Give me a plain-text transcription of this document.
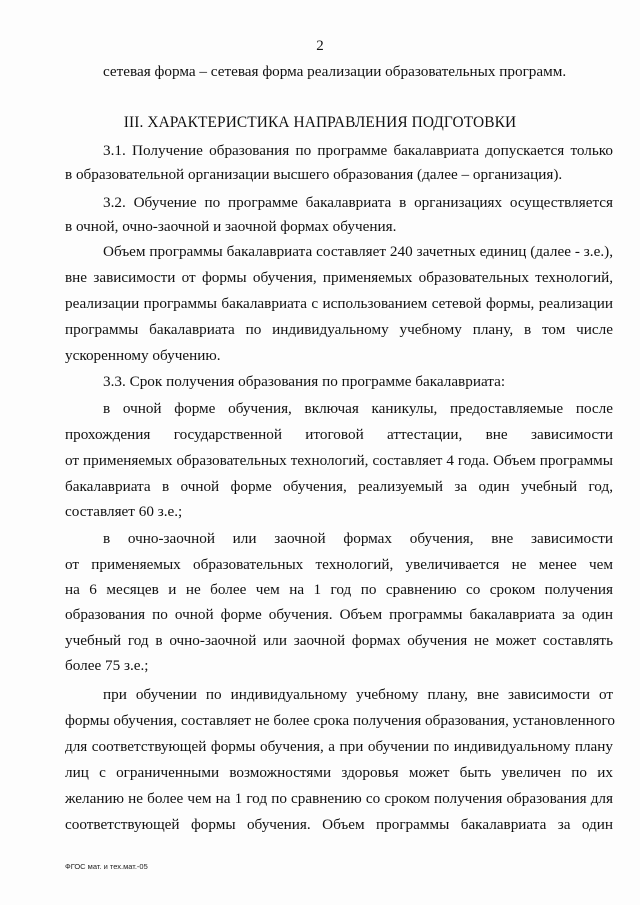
2
сетевая форма – сетевая форма реализации образовательных программ.
III. ХАРАКТЕРИСТИКА НАПРАВЛЕНИЯ ПОДГОТОВКИ
3.1. Получение образования по программе бакалавриата допускается только
в образовательной организации высшего образования (далее – организация).
3.2. Обучение по программе бакалавриата в организациях осуществляется
в очной, очно-заочной и заочной формах обучения.
Объем программы бакалавриата составляет 240 зачетных единиц (далее - з.е.),
вне зависимости от формы обучения, применяемых образовательных технологий,
реализации программы бакалавриата с использованием сетевой формы, реализации
программы бакалавриата по индивидуальному учебному плану, в том числе
ускоренному обучению.
3.3. Срок получения образования по программе бакалавриата:
в очной форме обучения, включая каникулы, предоставляемые после
прохождения государственной итоговой аттестации, вне зависимости
от применяемых образовательных технологий, составляет 4 года. Объем программы
бакалавриата в очной форме обучения, реализуемый за один учебный год,
составляет 60 з.е.;
в очно-заочной или заочной формах обучения, вне зависимости
от применяемых образовательных технологий, увеличивается не менее чем
на 6 месяцев и не более чем на 1 год по сравнению со сроком получения
образования по очной форме обучения. Объем программы бакалавриата за один
учебный год в очно-заочной или заочной формах обучения не может составлять
более 75 з.е.;
при обучении по индивидуальному учебному плану, вне зависимости от
формы обучения, составляет не более срока получения образования, установленного
для соответствующей формы обучения, а при обучении по индивидуальному плану
лиц с ограниченными возможностями здоровья может быть увеличен по их
желанию не более чем на 1 год по сравнению со сроком получения образования для
соответствующей формы обучения. Объем программы бакалавриата за один
ФГОС мат. и тех.мат.-05
